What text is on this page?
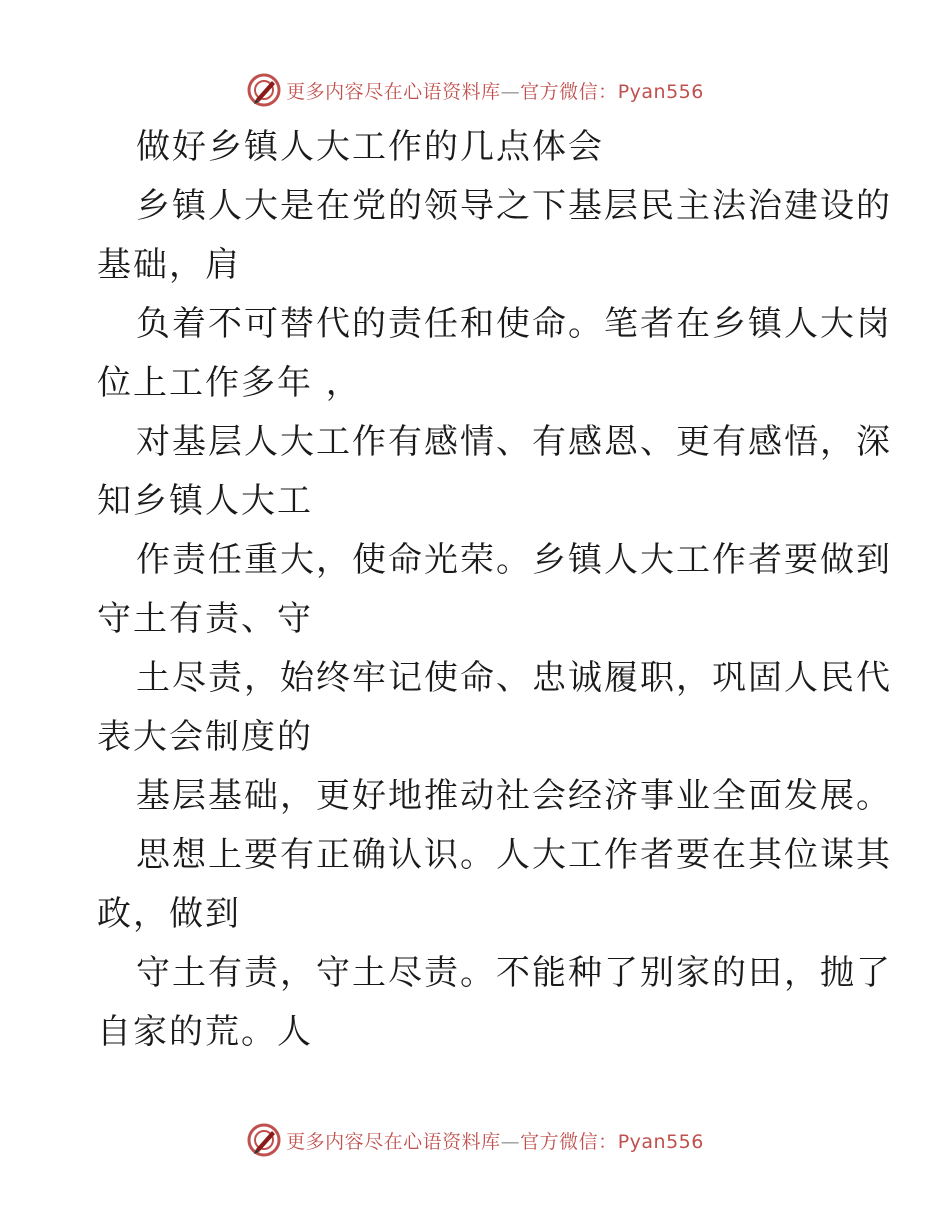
更多内容尽在心语资料库—官方微信：Pyan556
做好乡镇人大工作的几点体会
乡镇人大是在党的领导之下基层民主法治建设的
基础，肩
负着不可替代的责任和使命。笔者在乡镇人大岗
位上工作多年 ，
对基层人大工作有感情、有感恩、更有感悟，深
知乡镇人大工
作责任重大，使命光荣。乡镇人大工作者要做到
守土有责、守
土尽责，始终牢记使命、忠诚履职，巩固人民代
表大会制度的
基层基础，更好地推动社会经济事业全面发展。
思想上要有正确认识。人大工作者要在其位谋其
政，做到
守土有责，守土尽责。不能种了别家的田，抛了
自家的荒。人
更多内容尽在心语资料库—官方微信：Pyan556
